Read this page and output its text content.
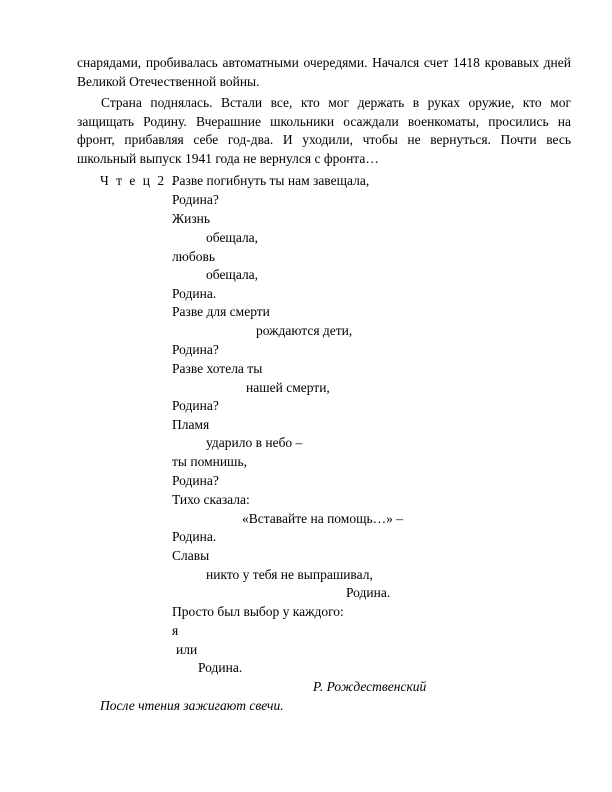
снарядами, пробивалась автоматными очередями. Начался счет 1418 кровавых дней Великой Отечественной войны.

Страна поднялась. Встали все, кто мог держать в руках оружие, кто мог защищать Родину. Вчерашние школьники осаждали военкоматы, просились на фронт, прибавляя себе год-два. И уходили, чтобы не вернуться. Почти весь школьный выпуск 1941 года не вернулся с фронта…

Ч т е ц 2 .
Разве погибнуть ты нам завещала,
Родина?
Жизнь
обещала,
любовь
обещала,
Родина.
Разве для смерти
рождаются дети,
Родина?
Разве хотела ты
нашей смерти,
Родина?
Пламя
ударило в небо –
ты помнишь,
Родина?
Тихо сказала:
«Вставайте на помощь…» –
Родина.
Славы
никто у тебя не выпрашивал,
Родина.
Просто был выбор у каждого:
я
или
Родина.
Р. Рождественский
После чтения зажигают свечи.
